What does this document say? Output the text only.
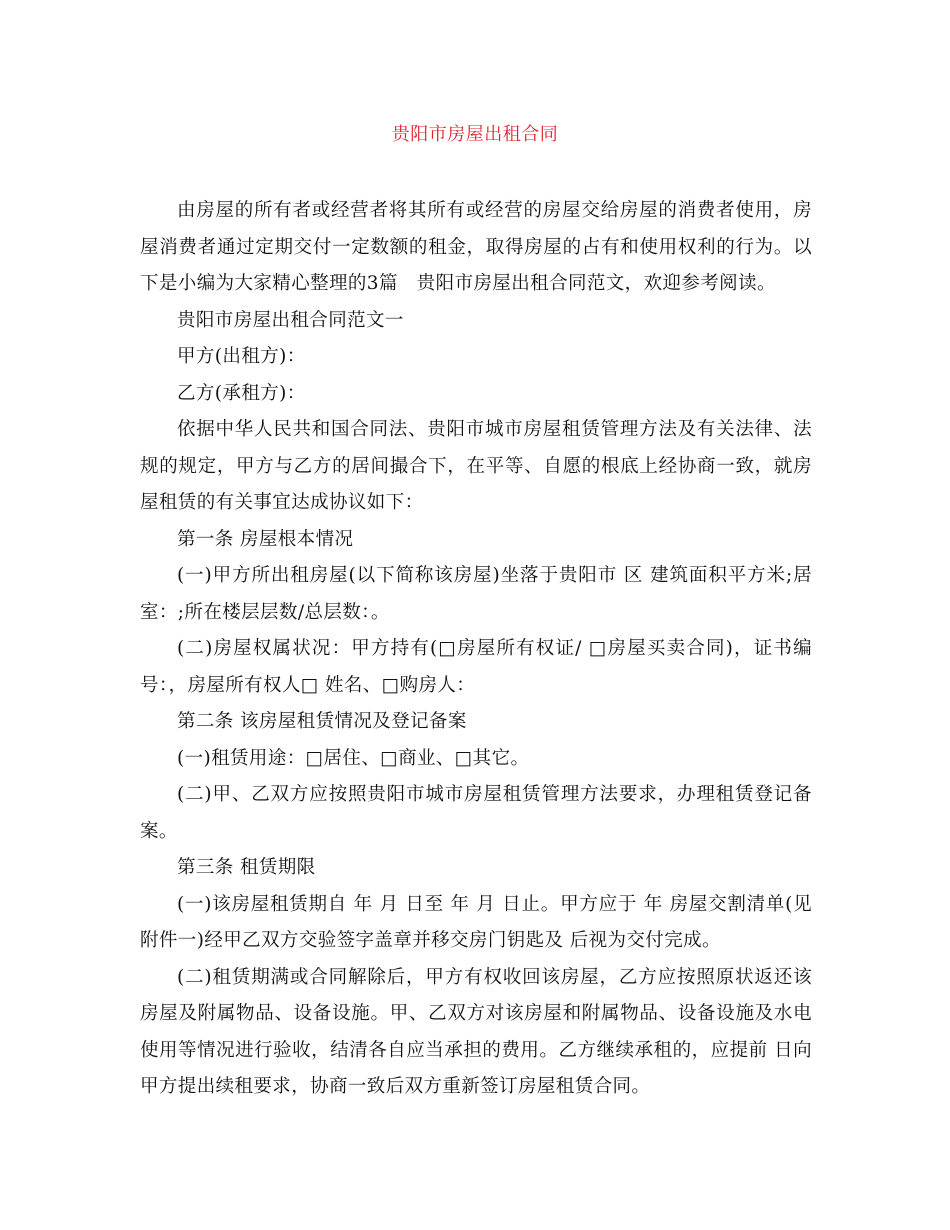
贵阳市房屋出租合同

由房屋的所有者或经营者将其所有或经营的房屋交给房屋的消费者使用，房屋消费者通过定期交付一定数额的租金，取得房屋的占有和使用权利的行为。以下是小编为大家精心整理的3篇　贵阳市房屋出租合同范文，欢迎参考阅读。

贵阳市房屋出租合同范文一

甲方(出租方)：

乙方(承租方)：

依据中华人民共和国合同法、贵阳市城市房屋租赁管理方法及有关法律、法规的规定，甲方与乙方的居间撮合下，在平等、自愿的根底上经协商一致，就房屋租赁的有关事宜达成协议如下：

第一条 房屋根本情况

(一)甲方所出租房屋(以下简称该房屋)坐落于贵阳市 区 建筑面积平方米;居室：;所在楼层层数/总层数：。

(二)房屋权属状况：甲方持有(□房屋所有权证/ □房屋买卖合同)，证书编号：，房屋所有权人□ 姓名、□购房人：

第二条 该房屋租赁情况及登记备案

(一)租赁用途：□居住、□商业、□其它。

(二)甲、乙双方应按照贵阳市城市房屋租赁管理方法要求，办理租赁登记备案。

第三条 租赁期限

(一)该房屋租赁期自 年 月 日至 年 月 日止。甲方应于 年 房屋交割清单(见附件一)经甲乙双方交验签字盖章并移交房门钥匙及 后视为交付完成。

(二)租赁期满或合同解除后，甲方有权收回该房屋，乙方应按照原状返还该房屋及附属物品、设备设施。甲、乙双方对该房屋和附属物品、设备设施及水电使用等情况进行验收，结清各自应当承担的费用。乙方继续承租的，应提前 日向甲方提出续租要求，协商一致后双方重新签订房屋租赁合同。
